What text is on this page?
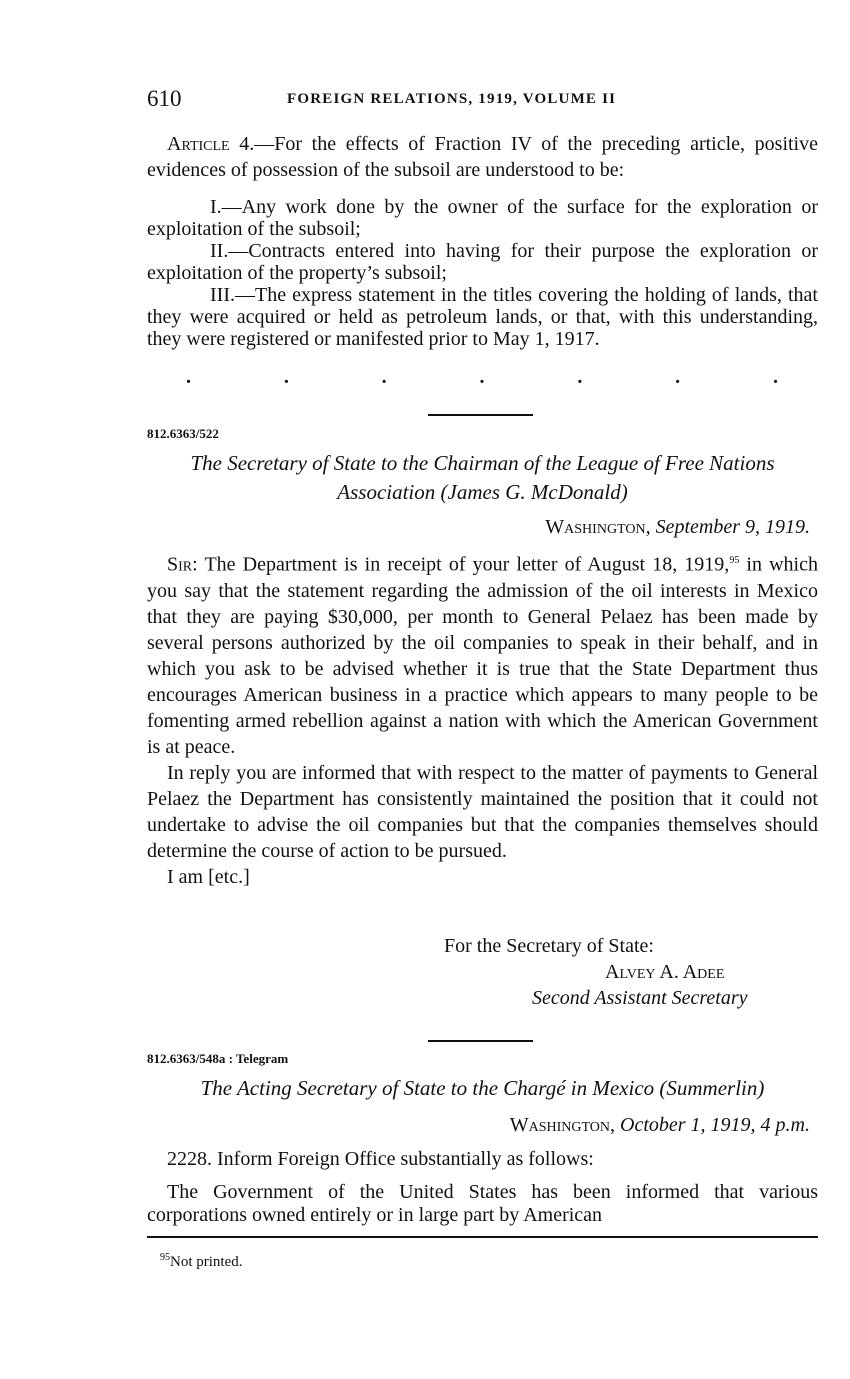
610	FOREIGN RELATIONS, 1919, VOLUME II

Article 4.—For the effects of Fraction IV of the preceding article, positive evidences of possession of the subsoil are understood to be:

I.—Any work done by the owner of the surface for the exploration or exploitation of the subsoil;

II.—Contracts entered into having for their purpose the exploration or exploitation of the property’s subsoil;

III.—The express statement in the titles covering the holding of lands, that they were acquired or held as petroleum lands, or that, with this understanding, they were registered or manifested prior to May 1, 1917.

.	.	.	.	.	.	.
812.6363/522
The Secretary of State to the Chairman of the League of Free Nations Association (James G. McDonald)
Washington, September 9, 1919.

Sir: The Department is in receipt of your letter of August 18, 1919,95 in which you say that the statement regarding the admission of the oil interests in Mexico that they are paying $30,000, per month to General Pelaez has been made by several persons authorized by the oil companies to speak in their behalf, and in which you ask to be advised whether it is true that the State Department thus encourages American business in a practice which appears to many people to be fomenting armed rebellion against a nation with which the American Government is at peace.

In reply you are informed that with respect to the matter of payments to General Pelaez the Department has consistently maintained the position that it could not undertake to advise the oil companies but that the companies themselves should determine the course of action to be pursued.

I am [etc.]

For the Secretary of State:
Alvey A. Adee
Second Assistant Secretary
812.6363/548a : Telegram
The Acting Secretary of State to the Chargé in Mexico (Summerlin)
Washington, October 1, 1919, 4 p.m.

2228. Inform Foreign Office substantially as follows:

The Government of the United States has been informed that various corporations owned entirely or in large part by American

$^{95}$Not printed.
